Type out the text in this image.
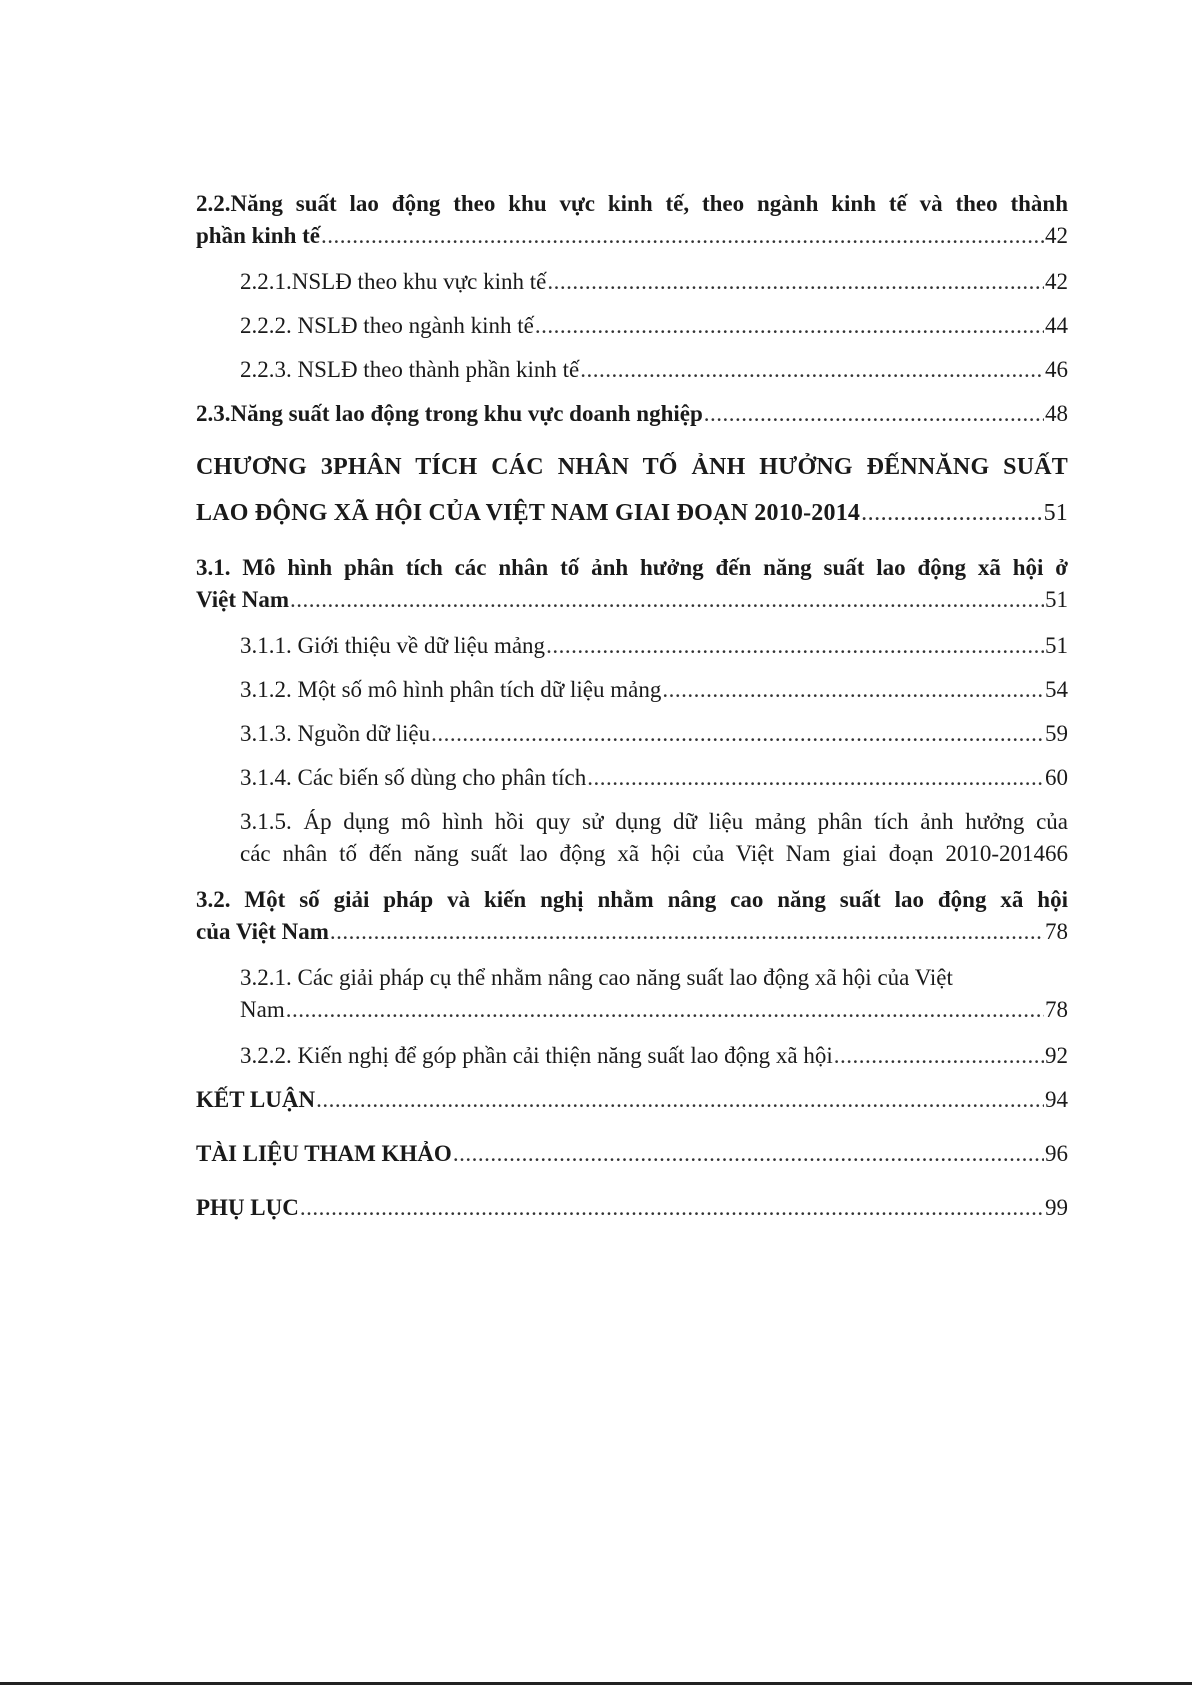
2.2.Năng suất lao động theo khu vực kinh tế, theo ngành kinh tế và theo thành
phần kinh tế .....	42
2.2.1.NSLĐ theo khu vực kinh tế .....	42
2.2.2. NSLĐ theo ngành kinh tế .....	44
2.2.3. NSLĐ theo thành phần kinh tế .....	46
2.3.Năng suất lao động trong khu vực doanh nghiệp .....	48
CHƯƠNG 3PHÂN TÍCH CÁC NHÂN TỐ ẢNH HƯỞNG ĐẾNNĂNG SUẤT
LAO ĐỘNG XÃ HỘI CỦA VIỆT NAM GIAI ĐOẠN 2010-2014 .....	51
3.1. Mô hình phân tích các nhân tố ảnh hưởng đến năng suất lao động xã hội ở
Việt Nam .....	51
3.1.1. Giới thiệu về dữ liệu mảng .....	51
3.1.2. Một số mô hình phân tích dữ liệu mảng .....	54
3.1.3. Nguồn dữ liệu .....	59
3.1.4. Các biến số dùng cho phân tích .....	60
3.1.5. Áp dụng mô hình hồi quy sử dụng dữ liệu mảng phân tích ảnh hưởng của
các nhân tố đến năng suất lao động xã hội của Việt Nam giai đoạn 2010-201466
3.2. Một số giải pháp và kiến nghị nhằm nâng cao năng suất lao động xã hội
của Việt Nam .....	78
3.2.1. Các giải pháp cụ thể nhằm nâng cao năng suất lao động xã hội của Việt
Nam .....	78
3.2.2. Kiến nghị để góp phần cải thiện năng suất lao động xã hội .....	92
KẾT LUẬN .....	94
TÀI LIỆU THAM KHẢO .....	96
PHỤ LỤC .....	99
